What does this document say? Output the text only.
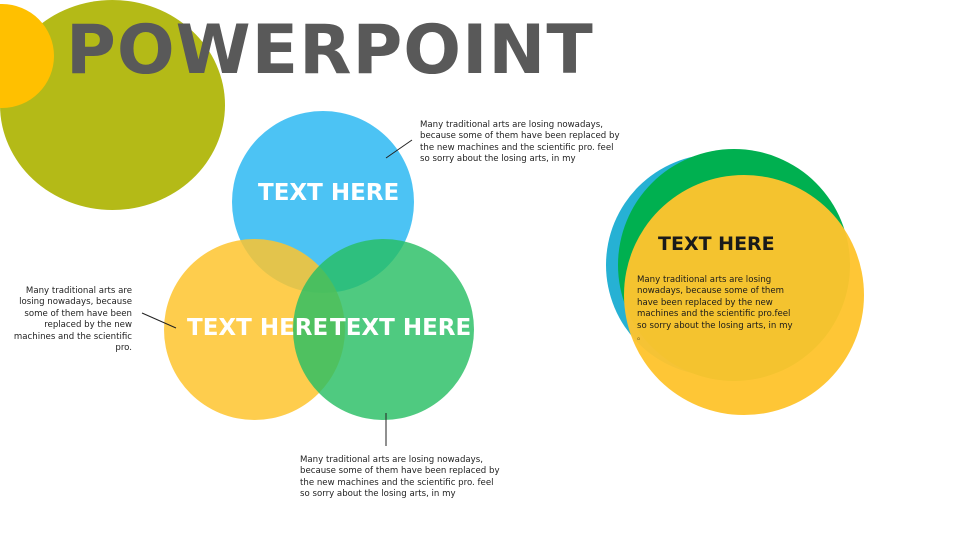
POWERPOINT
TEXT HERE
TEXT HERE TEXT HERE
Many traditional arts are losing nowadays, because some of them have been replaced by the new machines and the scientific pro. feel so sorry about the losing arts, in my
Many traditional arts are losing nowadays, because some of them have been replaced by the new machines and the scientific pro.
Many traditional arts are losing nowadays, because some of them have been replaced by the new machines and the scientific pro. feel so sorry about the losing arts, in my
TEXT HERE
Many traditional arts are losing nowadays, because some of them have been replaced by the new machines and the scientific pro.feel so sorry about the losing arts, in my 。
